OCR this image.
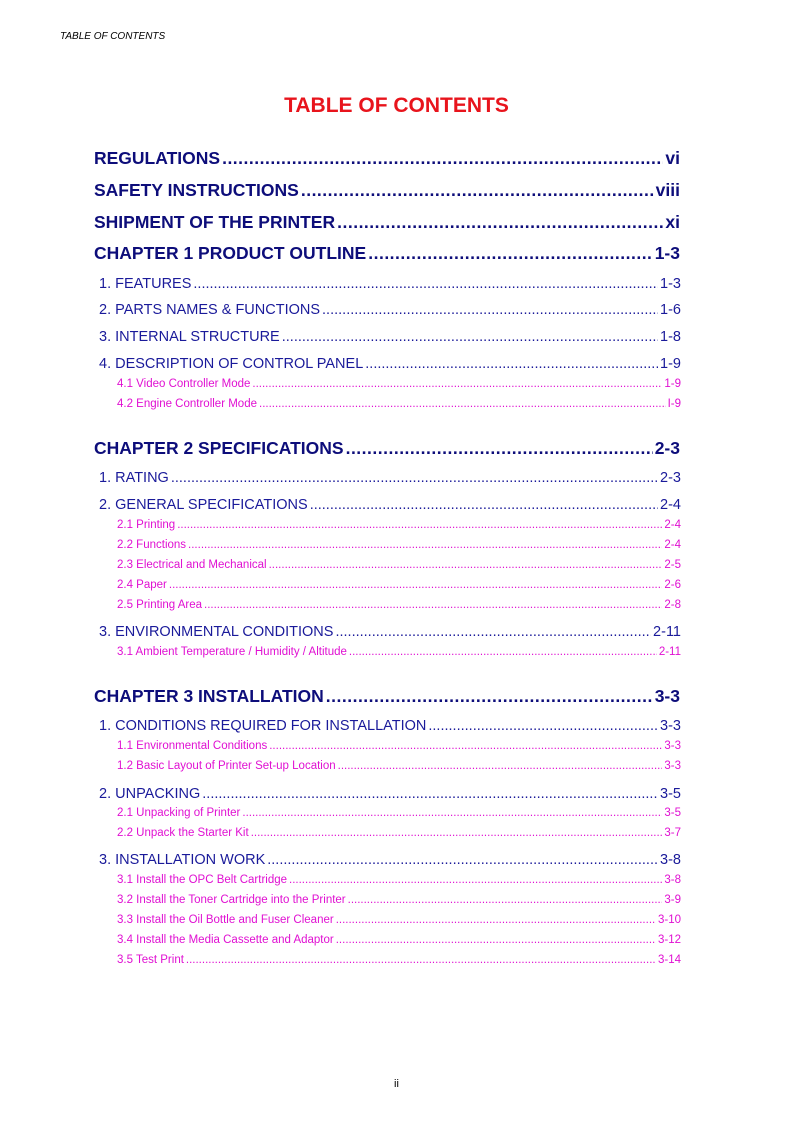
TABLE OF CONTENTS
TABLE OF CONTENTS
REGULATIONS .....	vi
SAFETY INSTRUCTIONS .....	viii
SHIPMENT OF THE PRINTER .....	xi
CHAPTER 1 PRODUCT OUTLINE .....	1-3
1. FEATURES .....	1-3
2. PARTS NAMES & FUNCTIONS .....	1-6
3. INTERNAL STRUCTURE .....	1-8
4. DESCRIPTION OF CONTROL PANEL .....	1-9
4.1 Video Controller Mode .....	1-9
4.2 Engine Controller Mode .....	I-9
CHAPTER 2 SPECIFICATIONS .....	2-3
1. RATING .....	2-3
2. GENERAL SPECIFICATIONS .....	2-4
2.1 Printing .....	2-4
2.2 Functions .....	2-4
2.3 Electrical and Mechanical .....	2-5
2.4 Paper .....	2-6
2.5 Printing Area .....	2-8
3. ENVIRONMENTAL CONDITIONS .....	2-11
3.1 Ambient Temperature / Humidity / Altitude .....	2-11
CHAPTER 3 INSTALLATION .....	3-3
1. CONDITIONS REQUIRED FOR INSTALLATION .....	3-3
1.1 Environmental Conditions .....	3-3
1.2 Basic Layout of Printer Set-up Location .....	3-3
2. UNPACKING .....	3-5
2.1 Unpacking of Printer .....	3-5
2.2 Unpack the Starter Kit .....	3-7
3. INSTALLATION WORK .....	3-8
3.1 Install the OPC Belt Cartridge .....	3-8
3.2 Install the Toner Cartridge into the Printer .....	3-9
3.3 Install the Oil Bottle and Fuser Cleaner .....	3-10
3.4 Install the Media Cassette and Adaptor .....	3-12
3.5 Test Print .....	3-14
ii
